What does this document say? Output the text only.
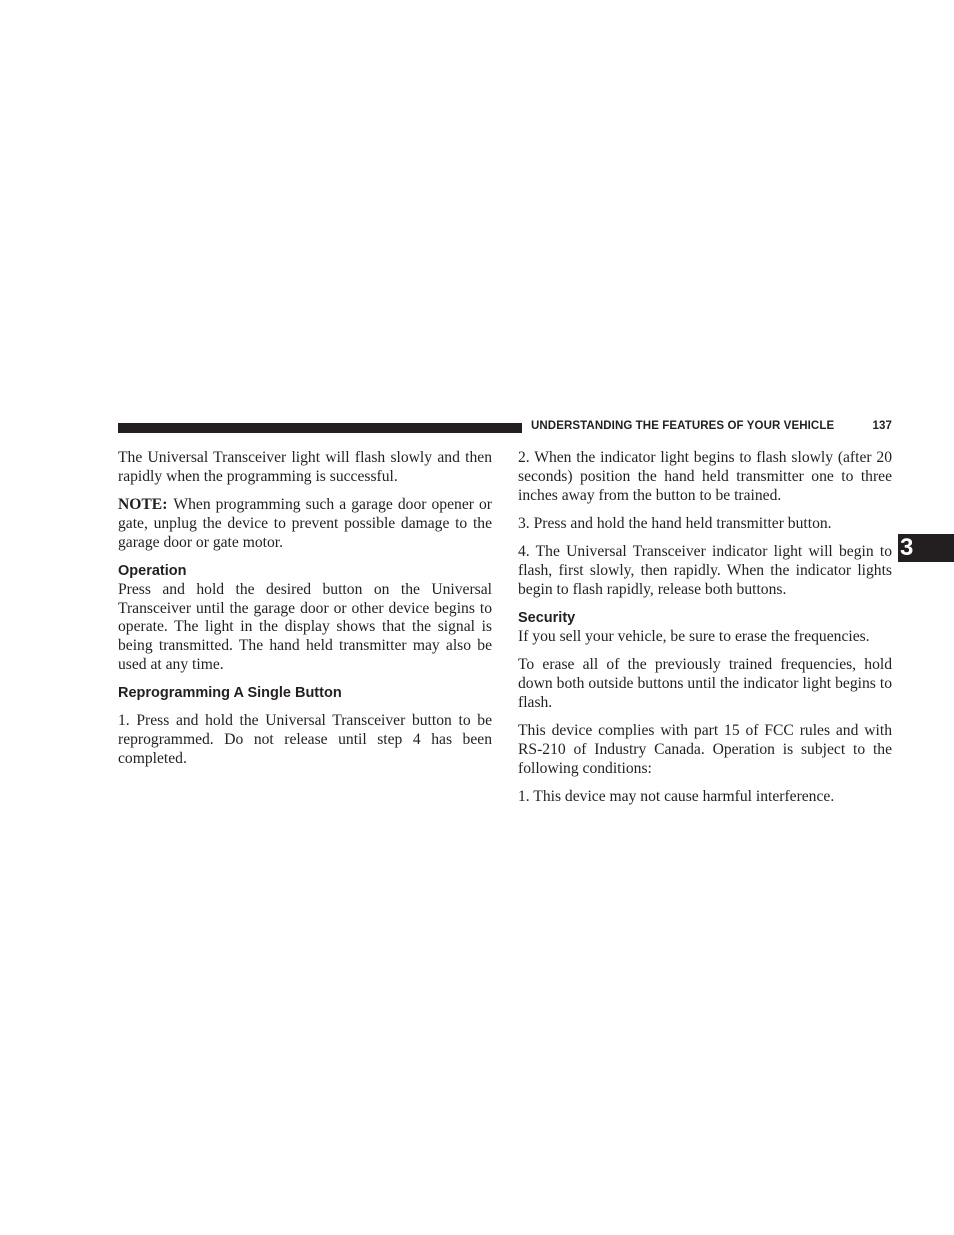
UNDERSTANDING THE FEATURES OF YOUR VEHICLE	137
3

The Universal Transceiver light will flash slowly and then rapidly when the programming is successful.

NOTE: When programming such a garage door opener or gate, unplug the device to prevent possible damage to the garage door or gate motor.

Operation

Press and hold the desired button on the Universal Transceiver until the garage door or other device begins to operate. The light in the display shows that the signal is being transmitted. The hand held transmitter may also be used at any time.

Reprogramming A Single Button

1. Press and hold the Universal Transceiver button to be reprogrammed. Do not release until step 4 has been completed.

2. When the indicator light begins to flash slowly (after 20 seconds) position the hand held transmitter one to three inches away from the button to be trained.

3. Press and hold the hand held transmitter button.

4. The Universal Transceiver indicator light will begin to flash, first slowly, then rapidly. When the indicator lights begin to flash rapidly, release both buttons.

Security

If you sell your vehicle, be sure to erase the frequencies.

To erase all of the previously trained frequencies, hold down both outside buttons until the indicator light begins to flash.

This device complies with part 15 of FCC rules and with RS-210 of Industry Canada. Operation is subject to the following conditions:

1. This device may not cause harmful interference.
